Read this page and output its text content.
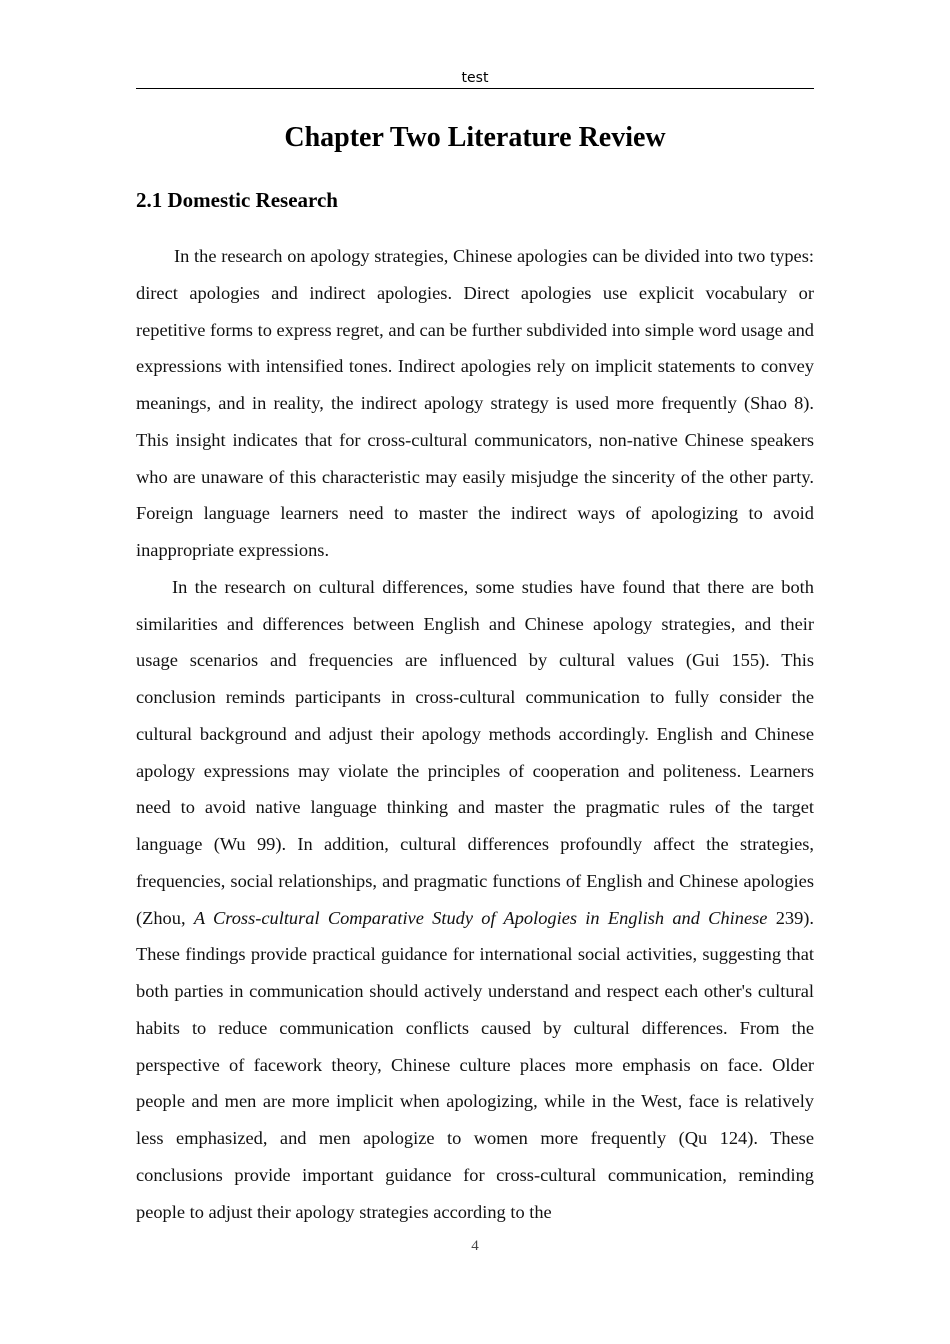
test
Chapter Two Literature Review
2.1 Domestic Research

In the research on apology strategies, Chinese apologies can be divided into two types: direct apologies and indirect apologies. Direct apologies use explicit vocabulary or repetitive forms to express regret, and can be further subdivided into simple word usage and expressions with intensified tones. Indirect apologies rely on implicit statements to convey meanings, and in reality, the indirect apology strategy is used more frequently (Shao 8). This insight indicates that for cross-cultural communicators, non-native Chinese speakers who are unaware of this characteristic may easily misjudge the sincerity of the other party. Foreign language learners need to master the indirect ways of apologizing to avoid inappropriate expressions.

In the research on cultural differences, some studies have found that there are both similarities and differences between English and Chinese apology strategies, and their usage scenarios and frequencies are influenced by cultural values (Gui 155). This conclusion reminds participants in cross-cultural communication to fully consider the cultural background and adjust their apology methods accordingly. English and Chinese apology expressions may violate the principles of cooperation and politeness. Learners need to avoid native language thinking and master the pragmatic rules of the target language (Wu 99). In addition, cultural differences profoundly affect the strategies, frequencies, social relationships, and pragmatic functions of English and Chinese apologies (Zhou, A Cross-cultural Comparative Study of Apologies in English and Chinese 239). These findings provide practical guidance for international social activities, suggesting that both parties in communication should actively understand and respect each other's cultural habits to reduce communication conflicts caused by cultural differences. From the perspective of facework theory, Chinese culture places more emphasis on face. Older people and men are more implicit when apologizing, while in the West, face is relatively less emphasized, and men apologize to women more frequently (Qu 124). These conclusions provide important guidance for cross-cultural communication, reminding people to adjust their apology strategies according to the

4
